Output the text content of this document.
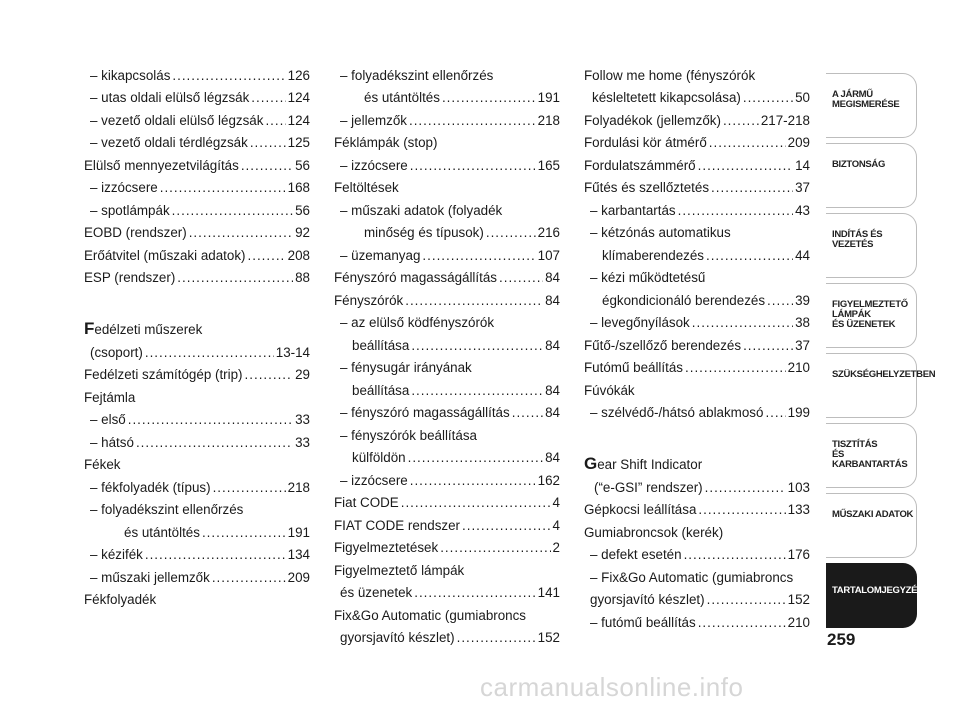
– kikapcsolás .....	126
– utas oldali elülső légzsák .....	124
– vezető oldali elülső légzsák ..... 124
– vezető oldali térdlégzsák .....	125
Elülső mennyezetvilágítás .....	56
– izzócsere .....	168
– spotlámpák .....	56
EOBD (rendszer) .....	92
Erőátvitel (műszaki adatok) .....	208
ESP (rendszer) .....	88
Fedélzeti műszerek
(csoport) .....	13-14
Fedélzeti számítógép (trip) .....	29
Fejtámla
– első .....	33
– hátsó .....	33
Fékek
– fékfolyadék (típus) .....	218
– folyadékszint ellenőrzés
és utántöltés .....	191
– kézifék .....	134
– műszaki jellemzők .....	209
Fékfolyadék
– folyadékszint ellenőrzés
és utántöltés .....	191
– jellemzők .....	218
Féklámpák (stop)
– izzócsere .....	165
Feltöltések
– műszaki adatok (folyadék
minőség és típusok) .....	216
– üzemanyag .....	107
Fényszóró magasságállítás .....	84
Fényszórók .....	84
– az elülső ködfényszórók
beállítása .....	84
– fénysugár irányának
beállítása .....	84
– fényszóró magasságállítás .....	84
– fényszórók beállítása
külföldön .....	84
– izzócsere .....	162
Fiat CODE .....	4
FIAT CODE rendszer .....	4
Figyelmeztetések .....	2
Figyelmeztető lámpák
és üzenetek .....	141
Fix&Go Automatic (gumiabroncs
gyorsjavító készlet) .....	152
Follow me home (fényszórók
késleltetett kikapcsolása) .....	50
Folyadékok (jellemzők) .....	217-218
Fordulási kör átmérő .....	209
Fordulatszámmérő .....	14
Fűtés és szellőztetés .....	37
– karbantartás .....	43
– kétzónás automatikus
klímaberendezés .....	44
– kézi működtetésű
égkondicionáló berendezés ..... 39
– levegőnyílások .....	38
Fűtő-/szellőző berendezés .....	37
Futómű beállítás .....	210
Fúvókák
– szélvédő-/hátsó ablakmosó ..... 199
Gear Shift Indicator
(“e-GSI” rendszer) .....	103
Gépkocsi leállítása .....	133
Gumiabroncsok (kerék)
– defekt esetén .....	176
– Fix&Go Automatic (gumiabroncs
gyorsjavító készlet) .....	152
– futómű beállítás .....	210
A JÁRMŰ
MEGISMERÉSE
BIZTONSÁG
INDÍTÁS ÉS VEZETÉS
FIGYELMEZTETŐ
LÁMPÁK
ÉS ÜZENETEK
SZÜKSÉGHELYZETBEN
TISZTÍTÁS
ÉS KARBANTARTÁS
MŰSZAKI ADATOK
TARTALOMJEGYZÉK
259
carmanualsonline.info
